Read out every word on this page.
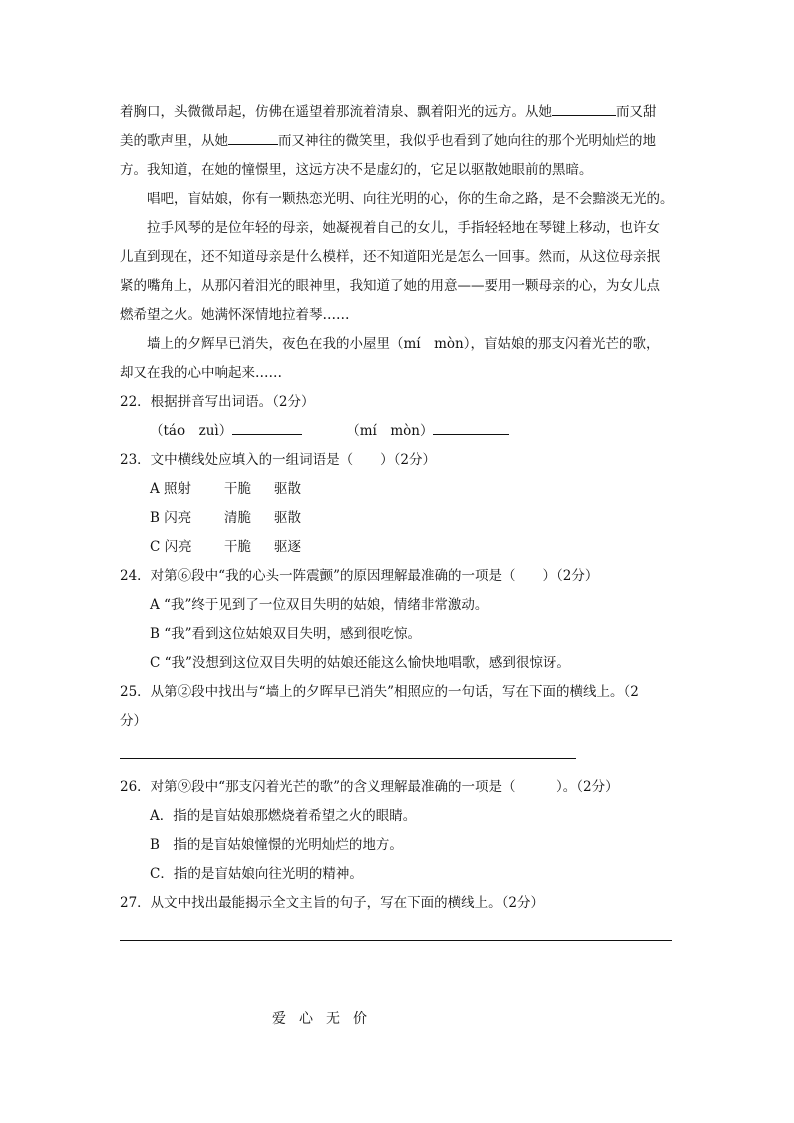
着胸口，头微微昂起，仿佛在遥望着那流着清泉、飘着阳光的远方。从她	而又甜
美的歌声里，从她	而又神往的微笑里，我似乎也看到了她向往的那个光明灿烂的地
方。我知道，在她的憧憬里，这远方决不是虚幻的，它足以驱散她眼前的黑暗。
唱吧，盲姑娘，你有一颗热恋光明、向往光明的心，你的生命之路，是不会黯淡无光的。
拉手风琴的是位年轻的母亲，她凝视着自己的女儿，手指轻轻地在琴键上移动，也许女
儿直到现在，还不知道母亲是什么模样，还不知道阳光是怎么一回事。然而，从这位母亲抿
紧的嘴角上，从那闪着泪光的眼神里，我知道了她的用意——要用一颗母亲的心，为女儿点
燃希望之火。她满怀深情地拉着琴……
墙上的夕辉早已消失，夜色在我的小屋里（mí　mòn），盲姑娘的那支闪着光芒的歌，
却又在我的心中响起来……
22．根据拼音写出词语。（2分）
（táo　zuì）	（mí　mòn）
23．文中横线处应填入的一组词语是（　　）（2分）
A 照射 干脆 驱散
B 闪亮 清脆 驱散
C 闪亮 干脆 驱逐
24．对第⑥段中“我的心头一阵震颤”的原因理解最准确的一项是（　　）（2分）
A “我”终于见到了一位双目失明的姑娘，情绪非常激动。
B “我”看到这位姑娘双目失明，感到很吃惊。
C “我”没想到这位双目失明的姑娘还能这么愉快地唱歌，感到很惊讶。
25．从第②段中找出与“墙上的夕晖早已消失”相照应的一句话，写在下面的横线上。（2
分）
26．对第⑨段中“那支闪着光芒的歌”的含义理解最准确的一项是（　　　）。（2分）
A．指的是盲姑娘那燃烧着希望之火的眼睛。
B　指的是盲姑娘憧憬的光明灿烂的地方。
C．指的是盲姑娘向往光明的精神。
27．从文中找出最能揭示全文主旨的句子，写在下面的横线上。（2分）
爱心无价
